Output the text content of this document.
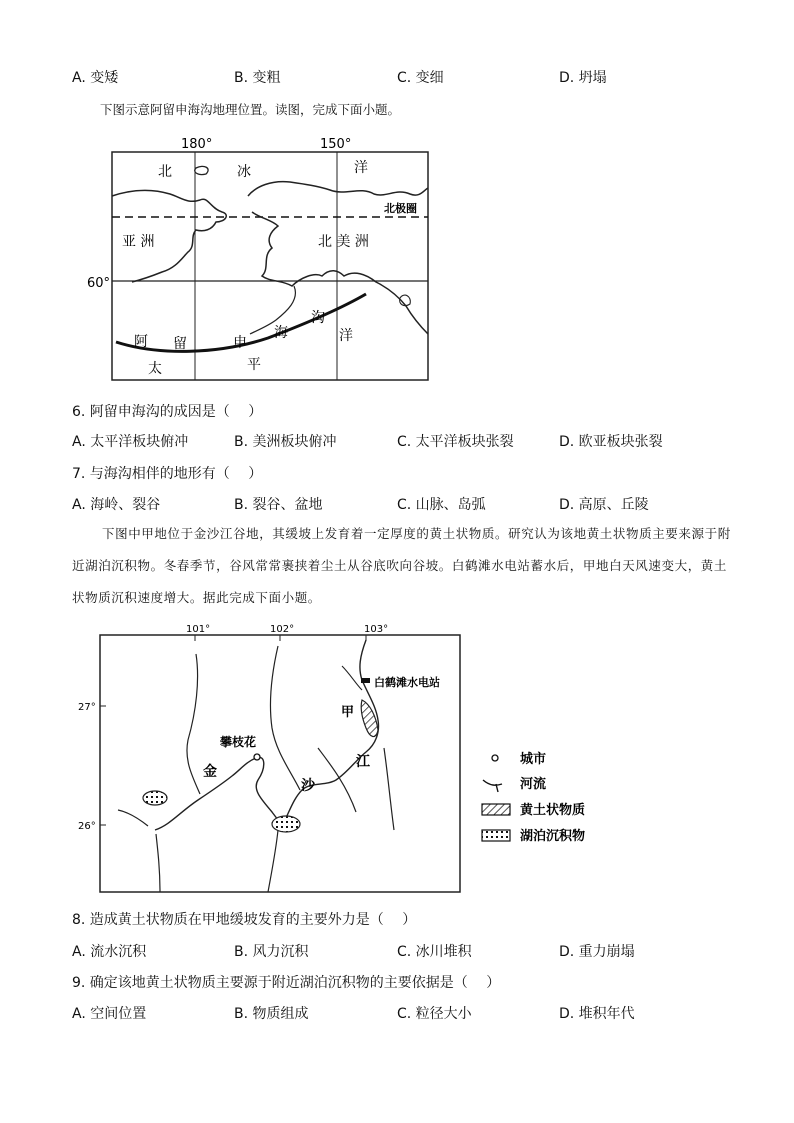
A. 变矮	B. 变粗	C. 变细	D. 坍塌
下图示意阿留申海沟地理位置。读图，完成下面小题。
180°	150°
60°
北极圈
北	冰	洋
亚 洲	北 美 洲
阿 留	申
海
沟
洋
太	平
6. 阿留申海沟的成因是（　 ）
A. 太平洋板块俯冲	B. 美洲板块俯冲	C. 太平洋板块张裂	D. 欧亚板块张裂
7. 与海沟相伴的地形有（　 ）
A. 海岭、裂谷	B. 裂谷、盆地	C. 山脉、岛弧	D. 高原、丘陵
下图中甲地位于金沙江谷地，其缓坡上发育着一定厚度的黄土状物质。研究认为该地黄土状物质主要来源于附近湖泊沉积物。冬春季节，谷风常常裹挟着尘土从谷底吹向谷坡。白鹤滩水电站蓄水后，甲地白天风速变大，黄土状物质沉积速度增大。据此完成下面小题。
101°	102°	103°
27°
26°
白鹤滩水电站
甲
攀枝花
金
沙
江	城市
河流
黄土状物质
湖泊沉积物
8. 造成黄土状物质在甲地缓坡发育的主要外力是（　 ）
A. 流水沉积	B. 风力沉积	C. 冰川堆积	D. 重力崩塌
9. 确定该地黄土状物质主要源于附近湖泊沉积物的主要依据是（　 ）
A. 空间位置	B. 物质组成	C. 粒径大小	D. 堆积年代
